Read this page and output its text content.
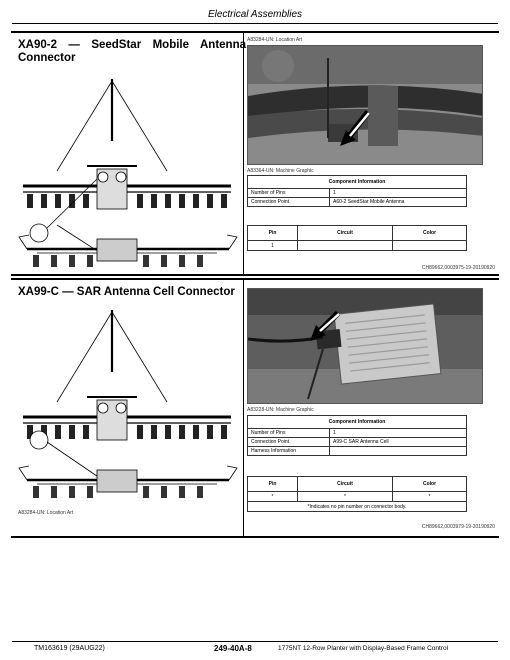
Electrical Assemblies
XA90-2 — SeedStar Mobile Antenna Connector
A83284-UN: Location Art
A83364-UN: Machine Graphic
Component Information	
Number of Pins	1
Connection Point	A60-2 SeedStar Mobile Antenna
Pin	Circuit	Color
1		
CH89662,0003975-19-20190920
XA99-C — SAR Antenna Cell Connector
A83284-UN: Location Art
A83228-UN: Machine Graphic
Component Information	
Number of Pins	1
Connection Point	A99-C SAR Antenna Cell
Harness Information	
Pin	Circuit	Color
*	*	*
*Indicates no pin number on connector body.		
CH89662,0003979-19-20190920
TM163619 (29AUG22)	249-40A-8	1775NT 12-Row Planter with Display-Based Frame Control
